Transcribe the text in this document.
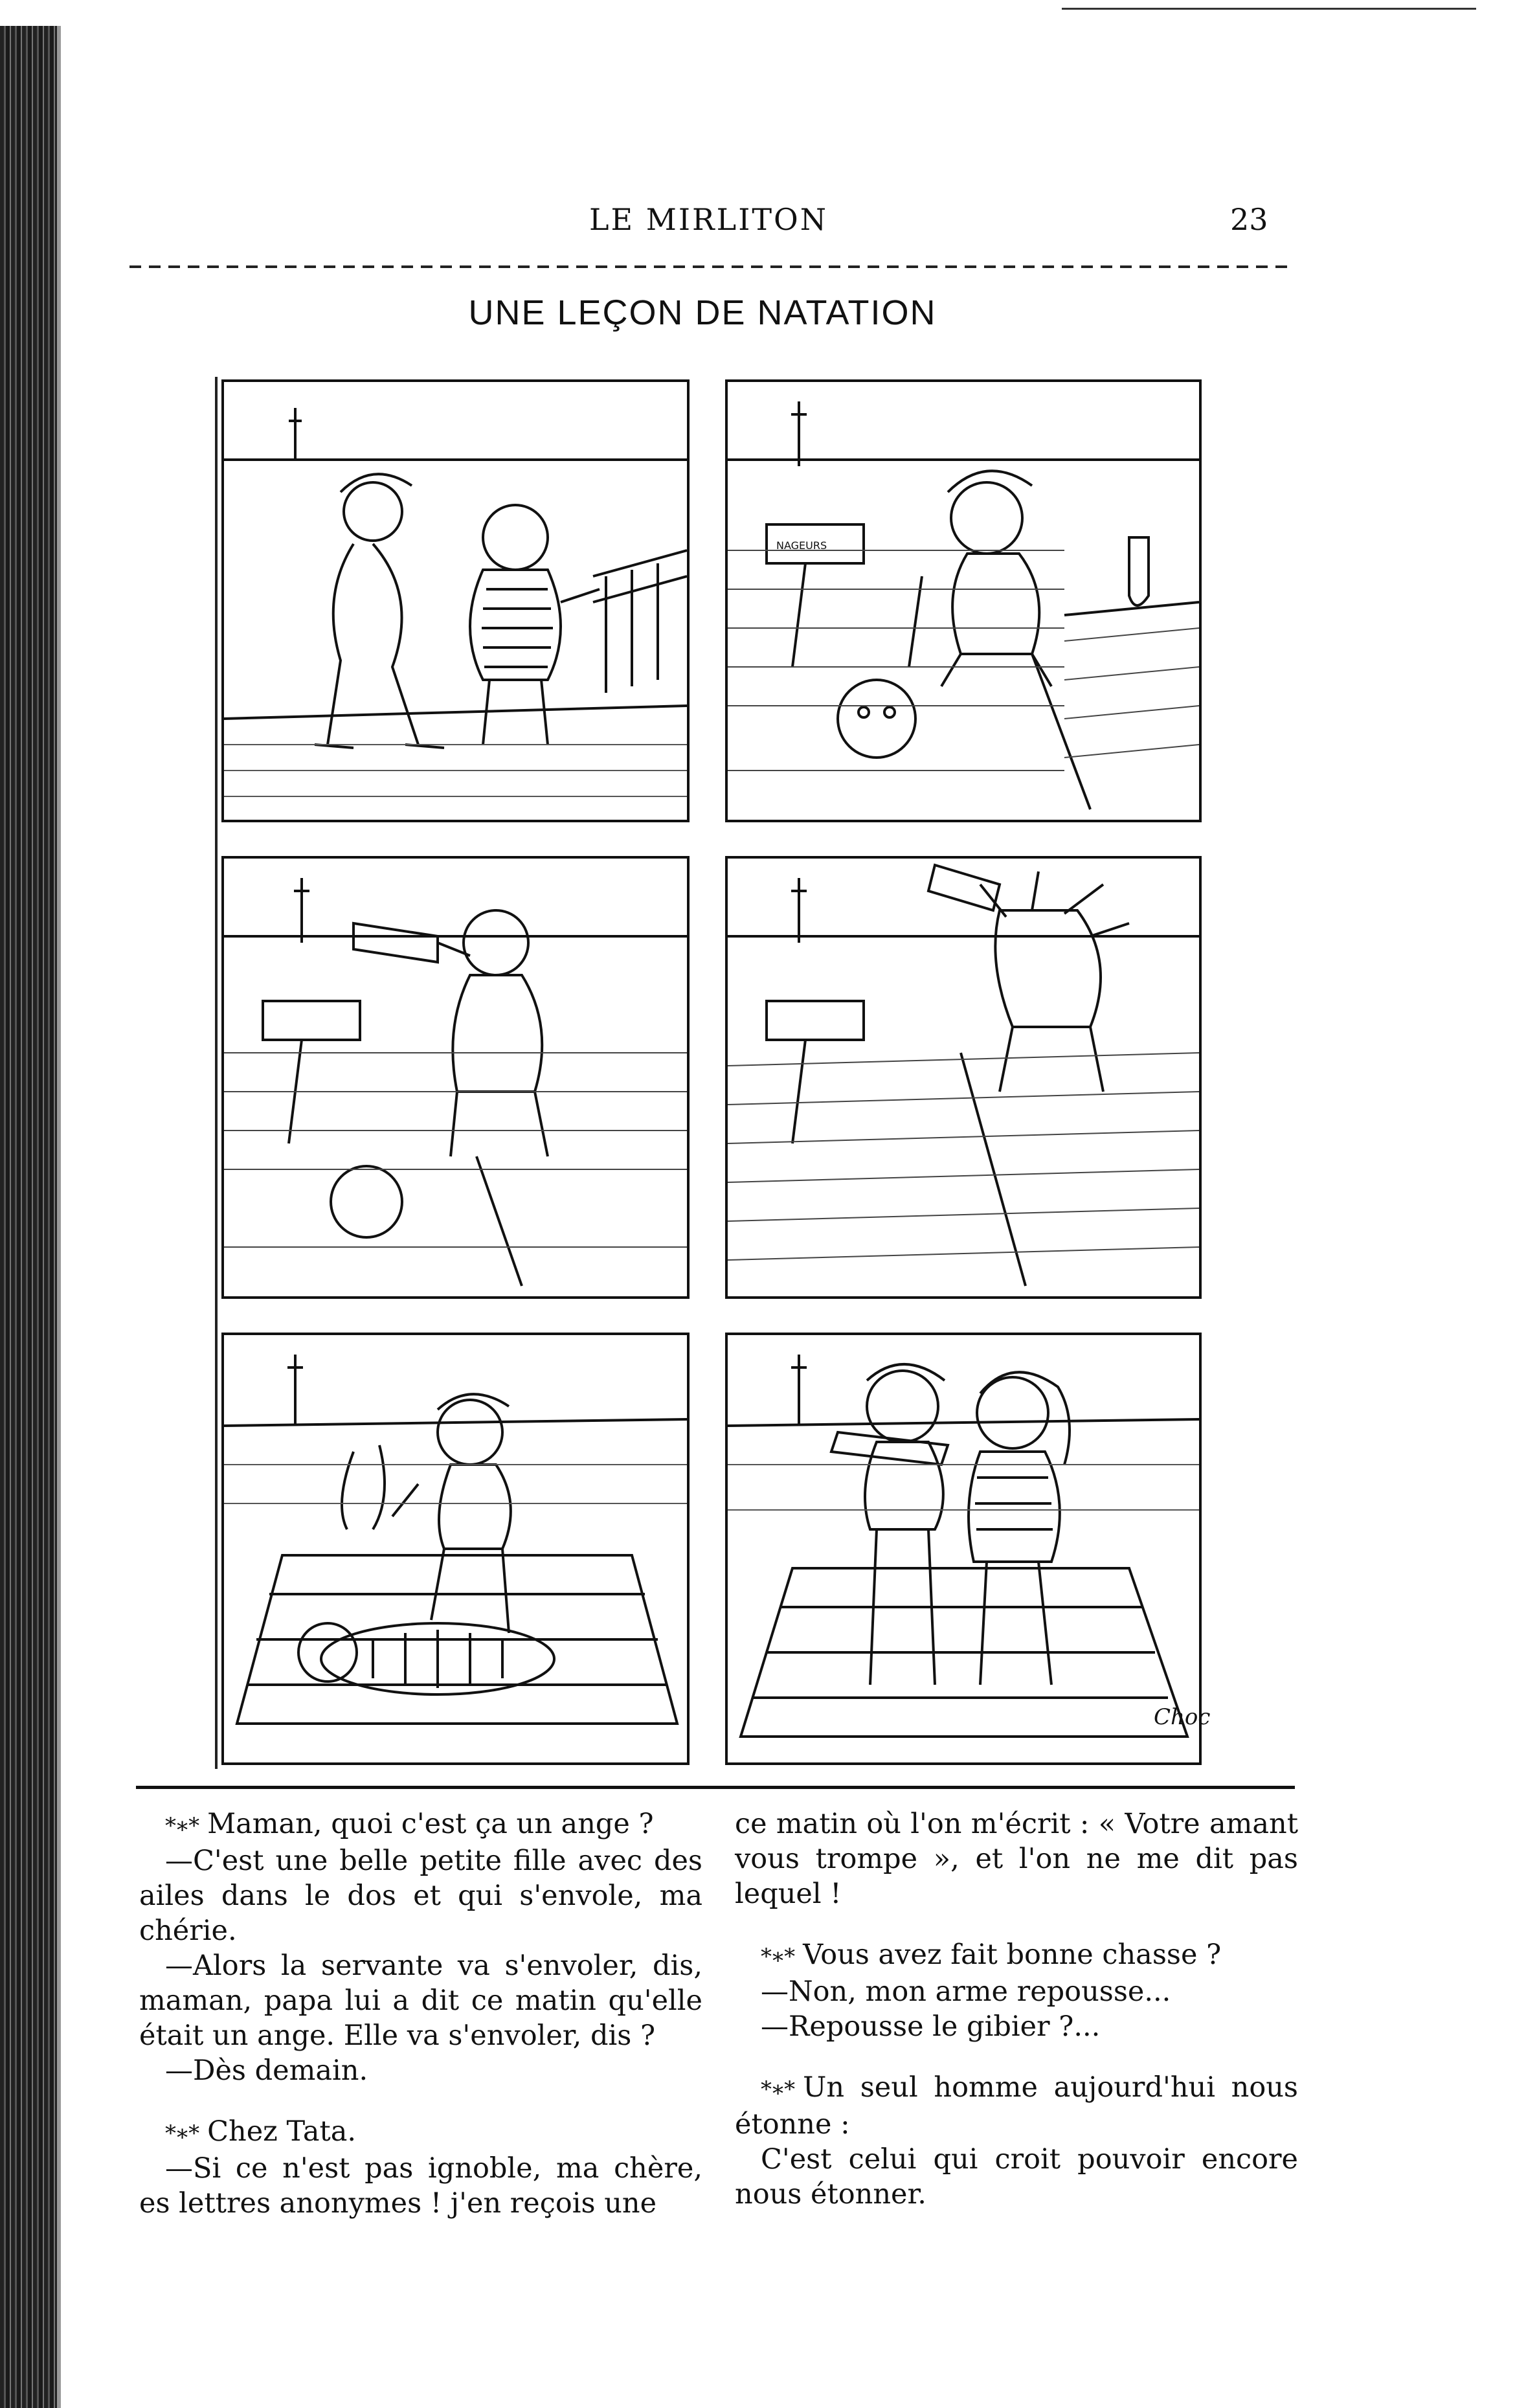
LE MIRLITON	23
UNE LEÇON DE NATATION
NAGEURS
Choc

*∗* Maman, quoi c'est ça un ange ?

—C'est une belle petite fille avec des ailes dans le dos et qui s'envole, ma chérie.

—Alors la servante va s'envoler, dis, maman, papa lui a dit ce matin qu'elle était un ange. Elle va s'envoler, dis ?

—Dès demain.

*∗* Chez Tata.

—Si ce n'est pas ignoble, ma chère, es lettres anonymes ! j'en reçois une

ce matin où l'on m'écrit : « Votre amant vous trompe », et l'on ne me dit pas lequel !

*∗* Vous avez fait bonne chasse ?

—Non, mon arme repousse...

—Repousse le gibier ?...

*∗* Un seul homme aujourd'hui nous étonne :

C'est celui qui croit pouvoir encore nous étonner.
